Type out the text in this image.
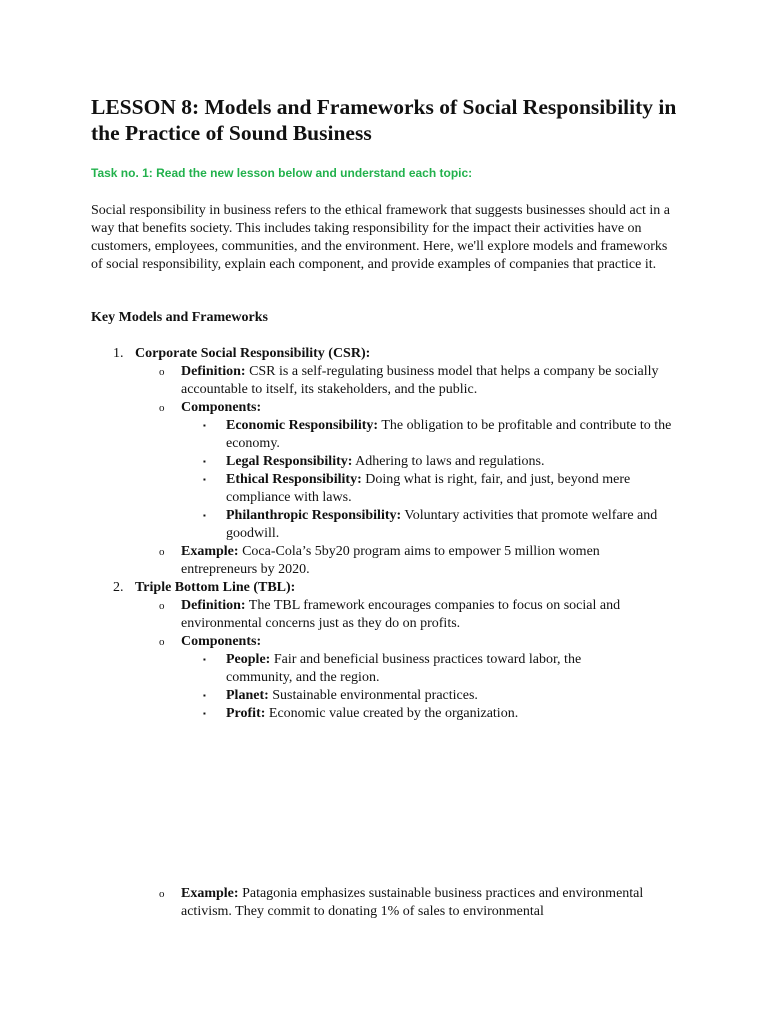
LESSON 8: Models and Frameworks of Social Responsibility in the Practice of Sound Business

Task no. 1: Read the new lesson below and understand each topic:

Social responsibility in business refers to the ethical framework that suggests businesses should act in a way that benefits society. This includes taking responsibility for the impact their activities have on customers, employees, communities, and the environment. Here, we'll explore models and frameworks of social responsibility, explain each component, and provide examples of companies that practice it.

Key Models and Frameworks

1. Corporate Social Responsibility (CSR):
o Definition: CSR is a self-regulating business model that helps a company be socially accountable to itself, its stakeholders, and the public.
o Components:
▪ Economic Responsibility: The obligation to be profitable and contribute to the economy.
▪ Legal Responsibility: Adhering to laws and regulations.
▪ Ethical Responsibility: Doing what is right, fair, and just, beyond mere compliance with laws.
▪ Philanthropic Responsibility: Voluntary activities that promote welfare and goodwill.
o Example: Coca-Cola’s 5by20 program aims to empower 5 million women entrepreneurs by 2020.
2. Triple Bottom Line (TBL):
o Definition: The TBL framework encourages companies to focus on social and environmental concerns just as they do on profits.
o Components:
▪ People: Fair and beneficial business practices toward labor, the community, and the region.
▪ Planet: Sustainable environmental practices.
▪ Profit: Economic value created by the organization.
o Example: Patagonia emphasizes sustainable business practices and environmental activism. They commit to donating 1% of sales to environmental
